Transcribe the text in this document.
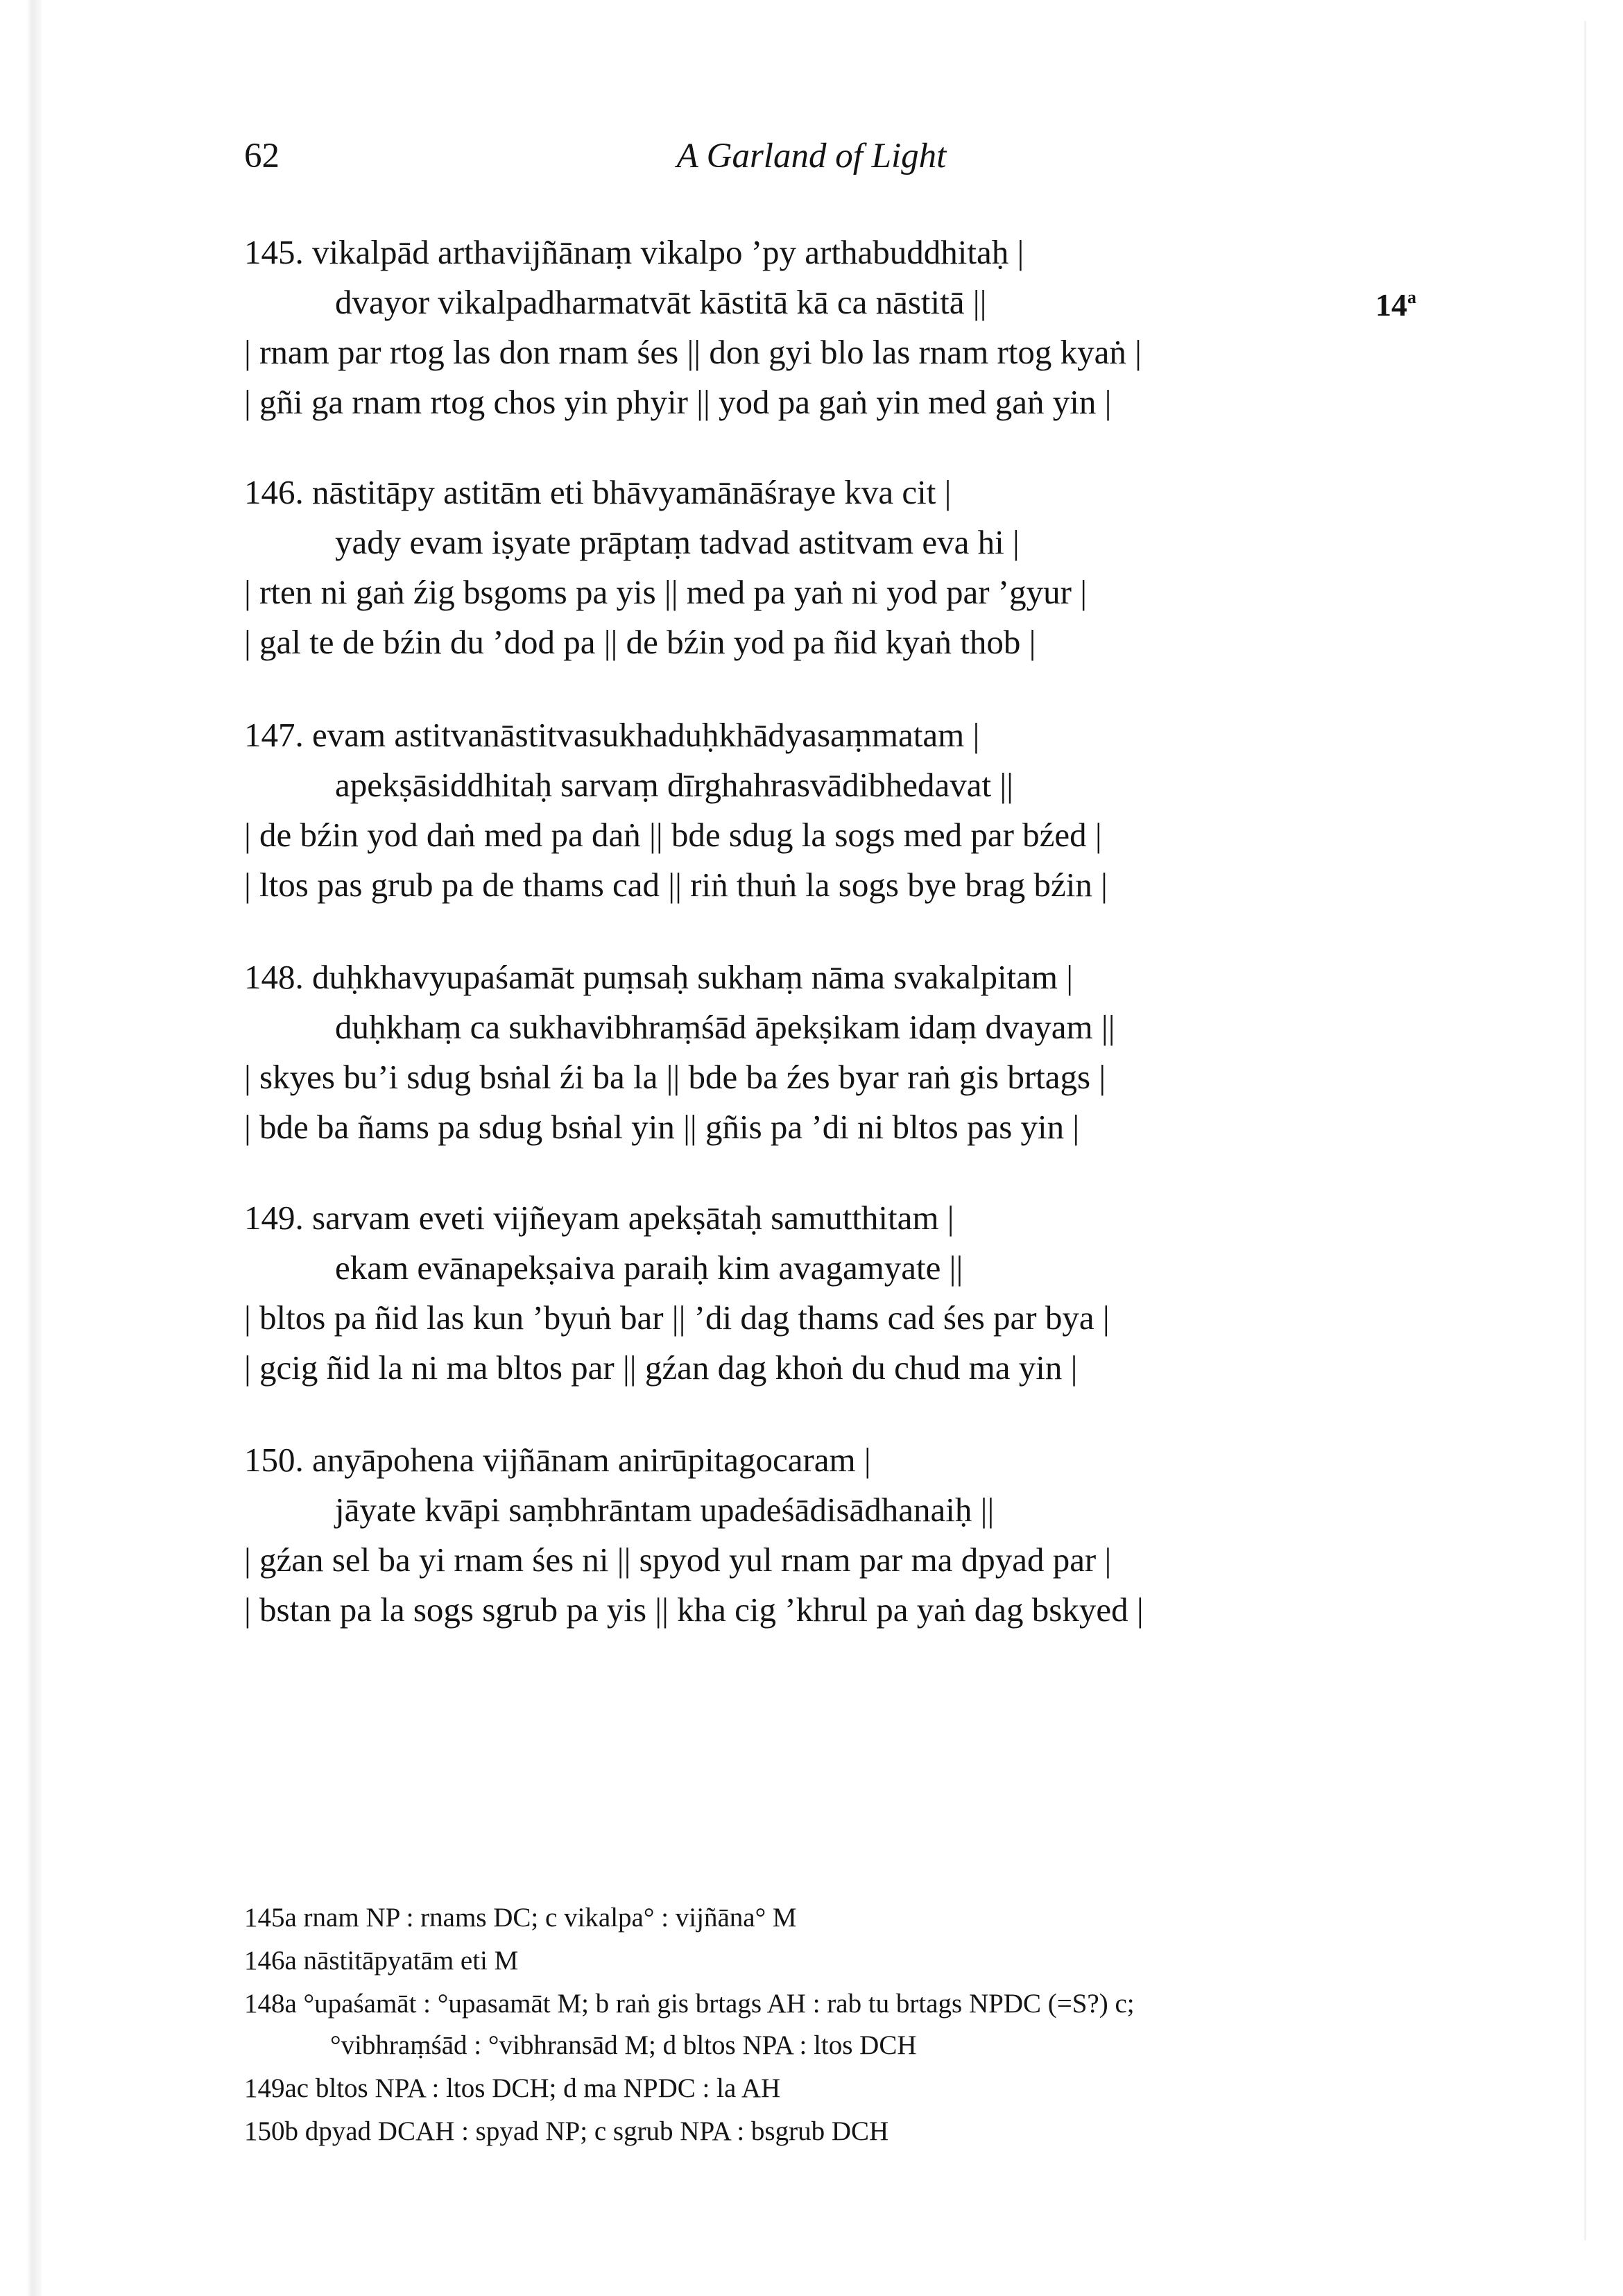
62	A Garland of Light
14$^a$
145. vikalpād arthavijñānaṃ vikalpo ’py arthabuddhitaḥ |
dvayor vikalpadharmatvāt kāstitā kā ca nāstitā ||
| rnam par rtog las don rnam śes || don gyi blo las rnam rtog kyaṅ |
| gñi ga rnam rtog chos yin phyir || yod pa gaṅ yin med gaṅ yin |
146. nāstitāpy astitām eti bhāvyamānāśraye kva cit |
yady evam iṣyate prāptaṃ tadvad astitvam eva hi |
| rten ni gaṅ źig bsgoms pa yis || med pa yaṅ ni yod par ’gyur |
| gal te de bźin du ’dod pa || de bźin yod pa ñid kyaṅ thob |
147. evam astitvanāstitvasukhaduḥkhādyasaṃmatam |
apekṣāsiddhitaḥ sarvaṃ dīrghahrasvādibhedavat ||
| de bźin yod daṅ med pa daṅ || bde sdug la sogs med par bźed |
| ltos pas grub pa de thams cad || riṅ thuṅ la sogs bye brag bźin |
148. duḥkhavyupaśamāt puṃsaḥ sukhaṃ nāma svakalpitam |
duḥkhaṃ ca sukhavibhraṃśād āpekṣikam idaṃ dvayam ||
| skyes bu’i sdug bsṅal źi ba la || bde ba źes byar raṅ gis brtags |
| bde ba ñams pa sdug bsṅal yin || gñis pa ’di ni bltos pas yin |
149. sarvam eveti vijñeyam apekṣātaḥ samutthitam |
ekam evānapekṣaiva paraiḥ kim avagamyate ||
| bltos pa ñid las kun ’byuṅ bar || ’di dag thams cad śes par bya |
| gcig ñid la ni ma bltos par || gźan dag khoṅ du chud ma yin |
150. anyāpohena vijñānam anirūpitagocaram |
jāyate kvāpi saṃbhrāntam upadeśādisādhanaiḥ ||
| gźan sel ba yi rnam śes ni || spyod yul rnam par ma dpyad par |
| bstan pa la sogs sgrub pa yis || kha cig ’khrul pa yaṅ dag bskyed |
145a rnam NP : rnams DC; c vikalpa° : vijñāna° M
146a nāstitāpyatām eti M
148a °upaśamāt : °upasamāt M; b raṅ gis brtags AH : rab tu brtags NPDC (=S?) c;
°vibhraṃśād : °vibhransād M; d bltos NPA : ltos DCH
149ac bltos NPA : ltos DCH; d ma NPDC : la AH
150b dpyad DCAH : spyad NP; c sgrub NPA : bsgrub DCH
